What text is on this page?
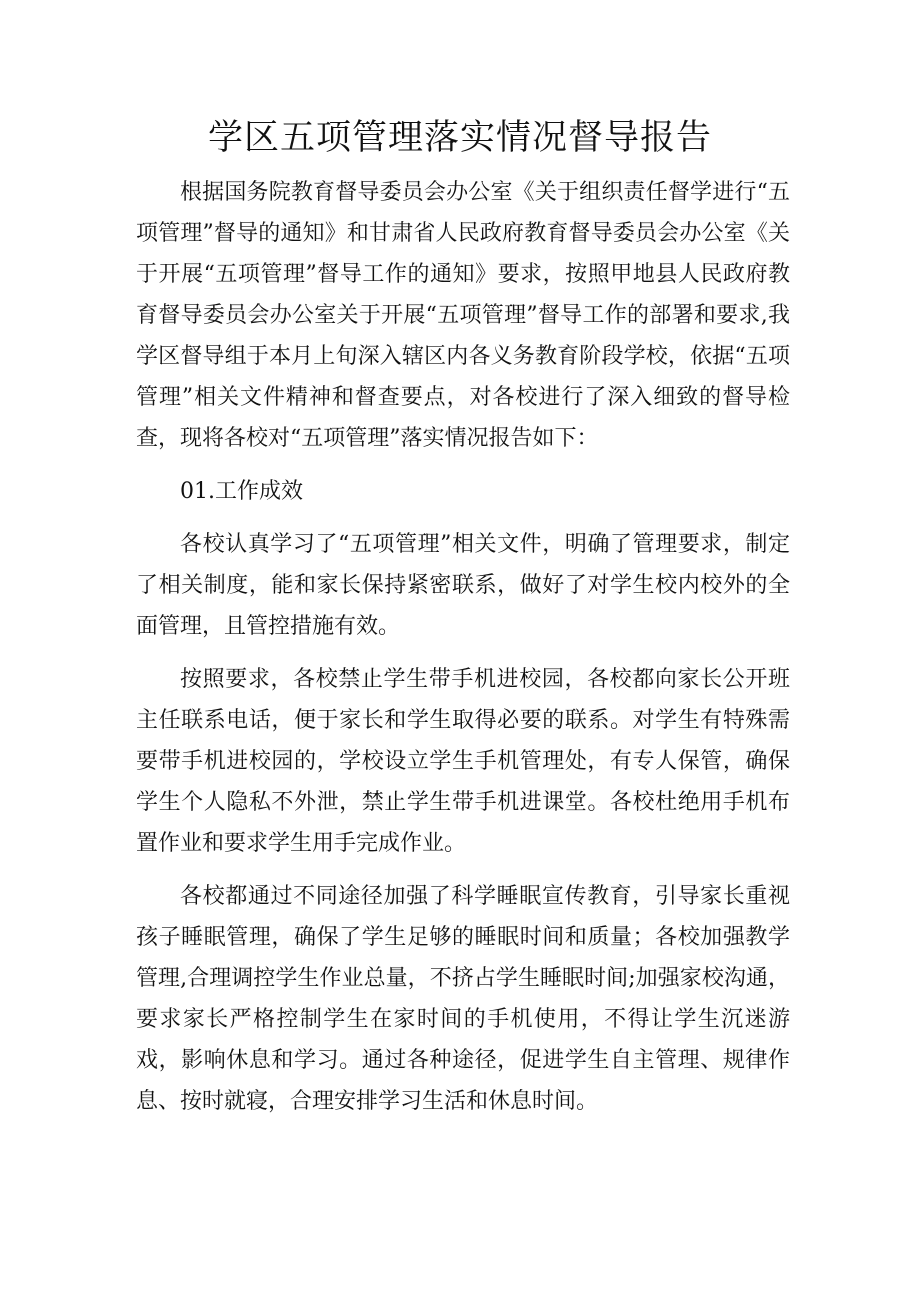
学区五项管理落实情况督导报告

根据国务院教育督导委员会办公室《关于组织责任督学进行“五项管理”督导的通知》和甘肃省人民政府教育督导委员会办公室《关于开展“五项管理”督导工作的通知》要求，按照甲地县人民政府教育督导委员会办公室关于开展“五项管理”督导工作的部署和要求,我学区督导组于本月上旬深入辖区内各义务教育阶段学校，依据“五项管理”相关文件精神和督查要点，对各校进行了深入细致的督导检查，现将各校对“五项管理”落实情况报告如下：

01.工作成效

各校认真学习了“五项管理”相关文件，明确了管理要求，制定了相关制度，能和家长保持紧密联系，做好了对学生校内校外的全面管理，且管控措施有效。

按照要求，各校禁止学生带手机进校园，各校都向家长公开班主任联系电话，便于家长和学生取得必要的联系。对学生有特殊需要带手机进校园的，学校设立学生手机管理处，有专人保管，确保学生个人隐私不外泄，禁止学生带手机进课堂。各校杜绝用手机布置作业和要求学生用手完成作业。

各校都通过不同途径加强了科学睡眠宣传教育，引导家长重视孩子睡眠管理，确保了学生足够的睡眠时间和质量；各校加强教学管理,合理调控学生作业总量，不挤占学生睡眠时间;加强家校沟通，要求家长严格控制学生在家时间的手机使用，不得让学生沉迷游戏，影响休息和学习。通过各种途径，促进学生自主管理、规律作息、按时就寝，合理安排学习生活和休息时间。
